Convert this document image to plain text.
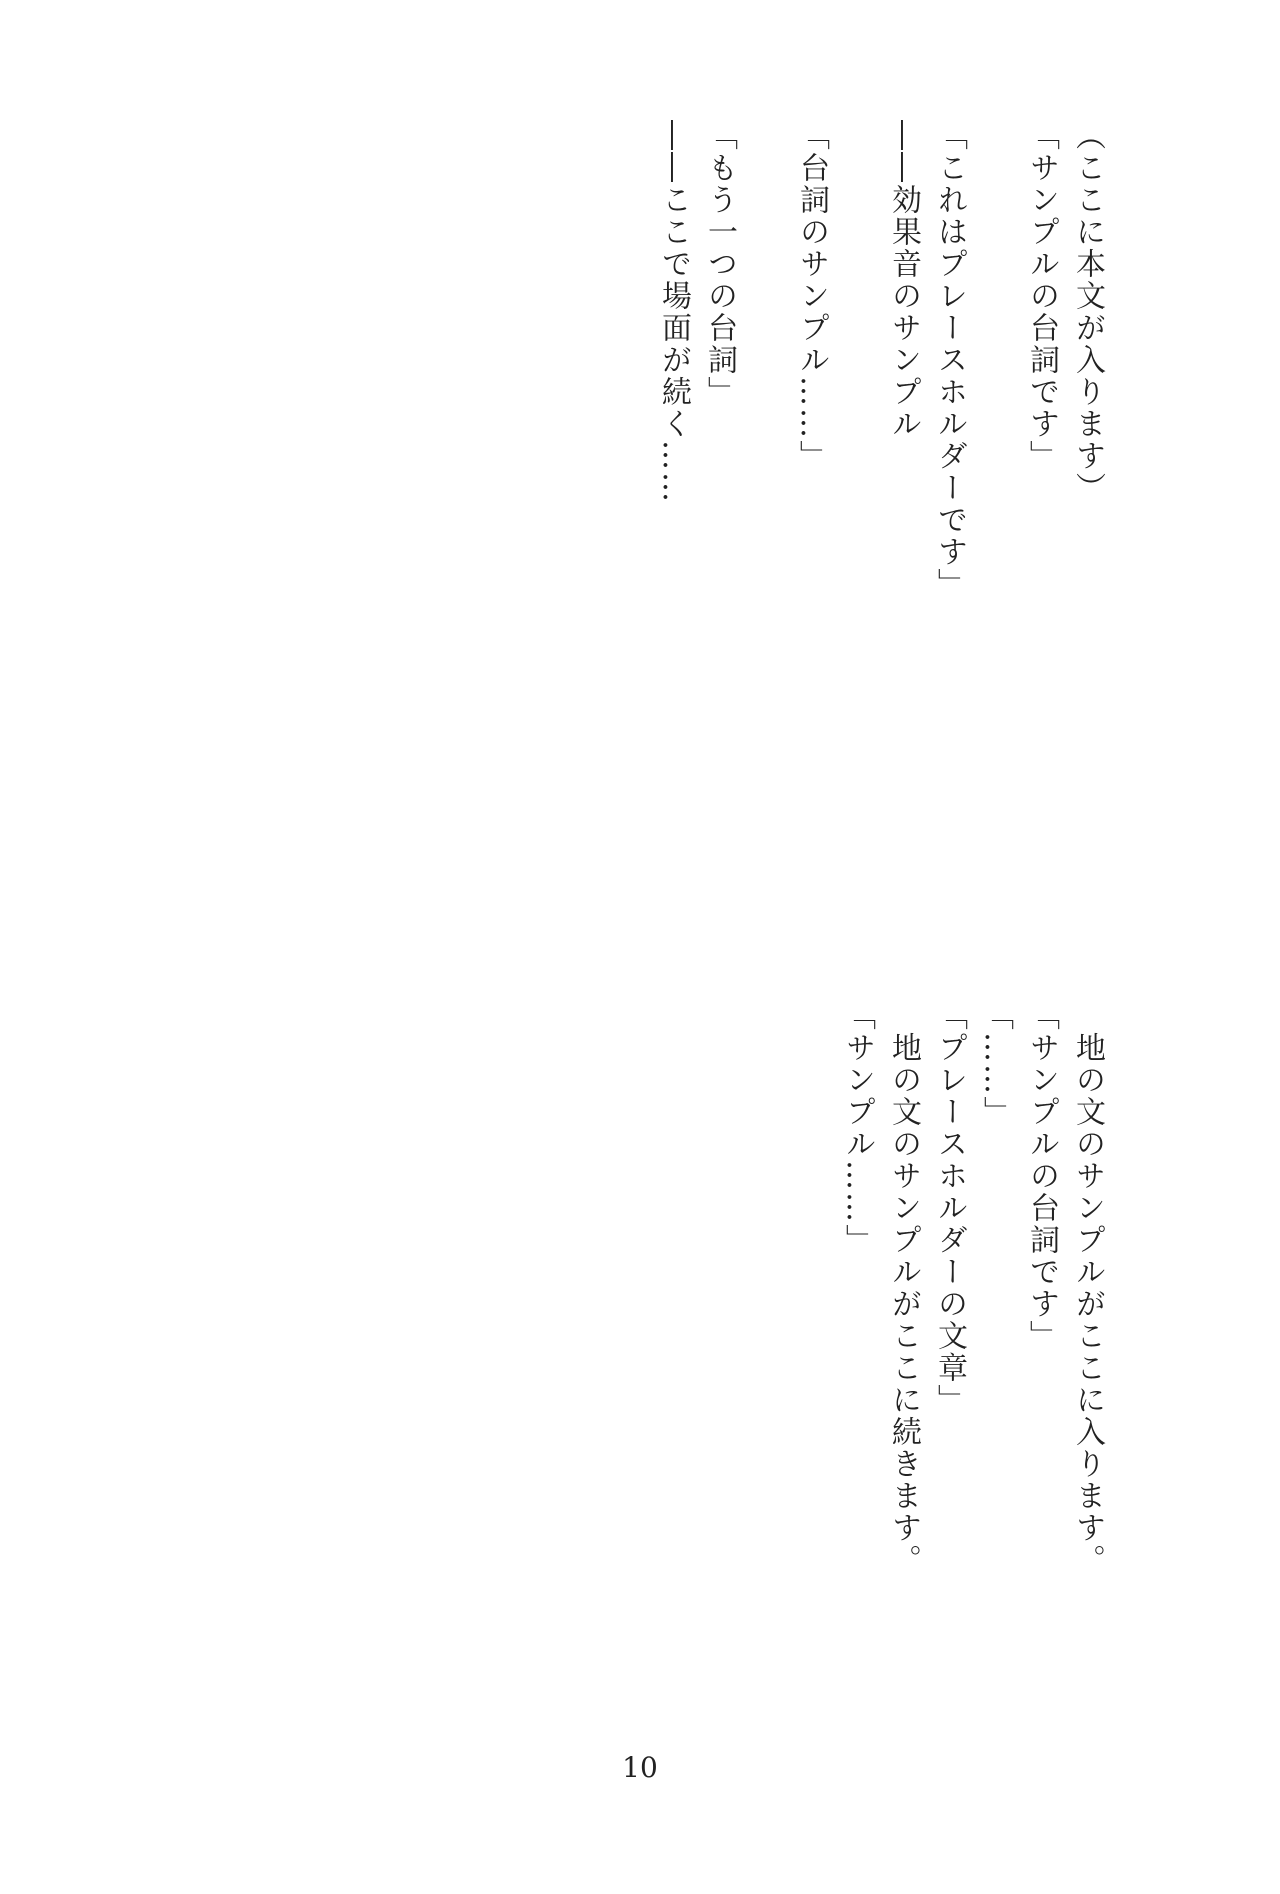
（ここに本文が入ります）

「サンプルの台詞です」

「これはプレースホルダーです」

――効果音のサンプル

「台詞のサンプル……」

「もう一つの台詞」

――ここで場面が続く……

　地の文のサンプルがここに入ります。

「サンプルの台詞です」

「……」

「プレースホルダーの文章」

　地の文のサンプルがここに続きます。

「サンプル……」

10
